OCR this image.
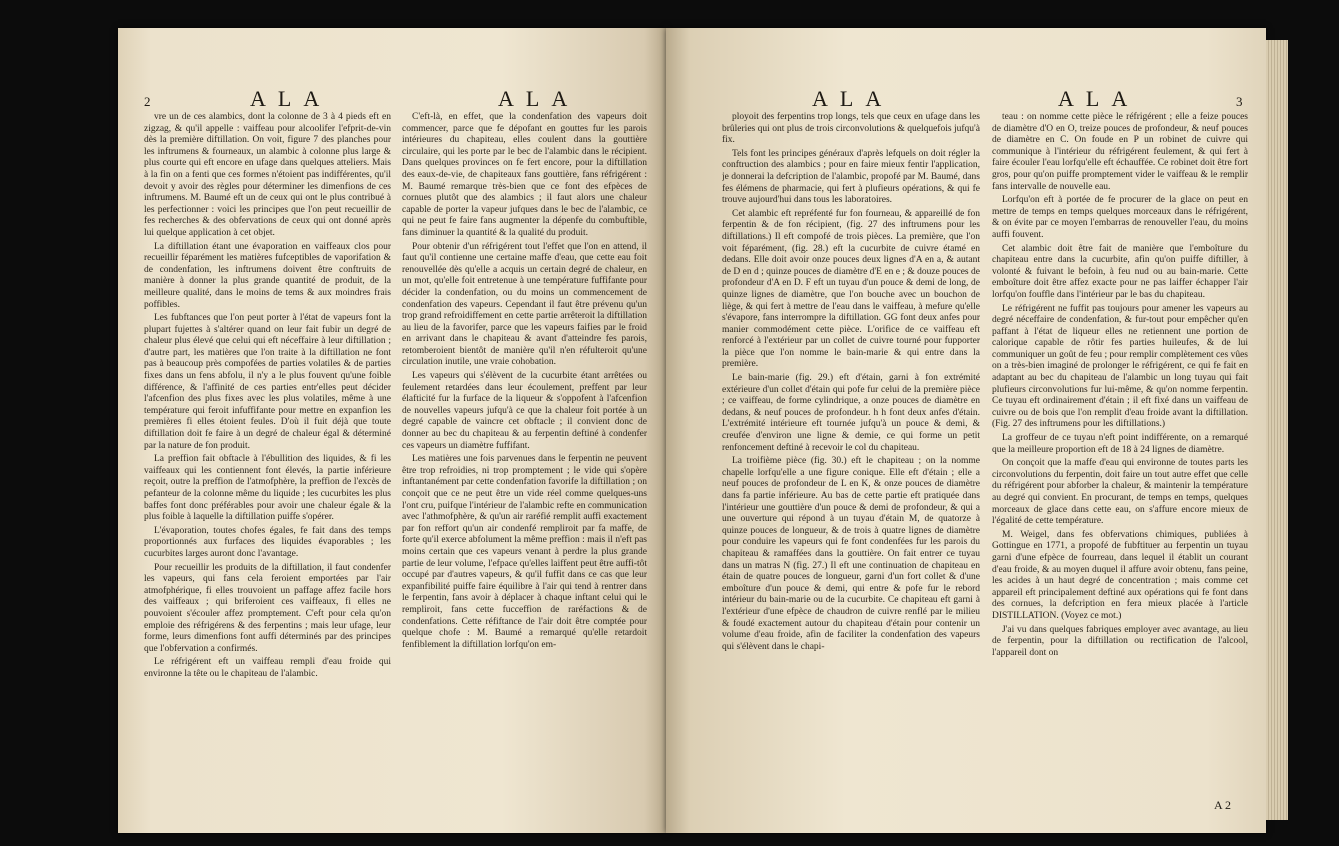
2	ALA	ALA

vre un de ces alambics, dont la colonne de 3 à 4 pieds eft en zigzag, & qu'il appelle : vaiffeau pour alcoolifer l'efprit-de-vin dès la première diftillation. On voit, figure 7 des planches pour les inftrumens & fourneaux, un alambic à colonne plus large & plus courte qui eft encore en ufage dans quelques atteliers. Mais à la fin on a fenti que ces formes n'étoient pas indifférentes, qu'il devoit y avoir des règles pour déterminer les dimenfions de ces inftrumens. M. Baumé eft un de ceux qui ont le plus contribué à les perfectionner : voici les principes que l'on peut recueillir de fes recherches & des obfervations de ceux qui ont donné après lui quelque application à cet objet.

La diftillation étant une évaporation en vaiffeaux clos pour recueillir féparément les matières fufceptibles de vaporifation & de condenfation, les inftrumens doivent être conftruits de manière à donner la plus grande quantité de produit, de la meilleure qualité, dans le moins de tems & aux moindres frais poffibles.

Les fubftances que l'on peut porter à l'état de vapeurs font la plupart fujettes à s'altérer quand on leur fait fubir un degré de chaleur plus élevé que celui qui eft néceffaire à leur diftillation ; d'autre part, les matières que l'on traite à la diftillation ne font pas à beaucoup près compofées de parties volatiles & de parties fixes dans un fens abfolu, il n'y a le plus fouvent qu'une foible différence, & l'affinité de ces parties entr'elles peut décider l'afcenfion des plus fixes avec les plus volatiles, même à une température qui feroit infuffifante pour mettre en expanfion les premières fi elles étoient feules. D'où il fuit déjà que toute diftillation doit fe faire à un degré de chaleur égal & déterminé par la nature de fon produit.

La preffion fait obftacle à l'ébullition des liquides, & fi les vaiffeaux qui les contiennent font élevés, la partie inférieure reçoit, outre la preffion de l'atmofphère, la preffion de l'excès de pefanteur de la colonne même du liquide ; les cucurbites les plus baffes font donc préférables pour avoir une chaleur égale & la plus foible à laquelle la diftillation puiffe s'opérer.

L'évaporation, toutes chofes égales, fe fait dans des temps proportionnés aux furfaces des liquides évaporables ; les cucurbites larges auront donc l'avantage.

Pour recueillir les produits de la diftillation, il faut condenfer les vapeurs, qui fans cela feroient emportées par l'air atmofphérique, fi elles trouvoient un paffage affez facile hors des vaiffeaux ; qui briferoient ces vaiffeaux, fi elles ne pouvoient s'écouler affez promptement. C'eft pour cela qu'on emploie des réfrigérens & des ferpentins ; mais leur ufage, leur forme, leurs dimenfions font auffi déterminés par des principes que l'obfervation a confirmés.

Le réfrigérent eft un vaiffeau rempli d'eau froide qui environne la tête ou le chapiteau de l'alambic.

C'eft-là, en effet, que la condenfation des vapeurs doit commencer, parce que fe dépofant en gouttes fur les parois intérieures du chapiteau, elles coulent dans la gouttière circulaire, qui les porte par le bec de l'alambic dans le récipient. Dans quelques provinces on fe fert encore, pour la diftillation des eaux-de-vie, de chapiteaux fans gouttière, fans réfrigérent : M. Baumé remarque très-bien que ce font des efpèces de cornues plutôt que des alambics ; il faut alors une chaleur capable de porter la vapeur jufques dans le bec de l'alambic, ce qui ne peut fe faire fans augmenter la dépenfe du combuftible, fans diminuer la quantité & la qualité du produit.

Pour obtenir d'un réfrigérent tout l'effet que l'on en attend, il faut qu'il contienne une certaine maffe d'eau, que cette eau foit renouvellée dès qu'elle a acquis un certain degré de chaleur, en un mot, qu'elle foit entretenue à une température fuffifante pour décider la condenfation, ou du moins un commencement de condenfation des vapeurs. Cependant il faut être prévenu qu'un trop grand refroidiffement en cette partie arrêteroit la diftillation au lieu de la favorifer, parce que les vapeurs faifies par le froid en arrivant dans le chapiteau & avant d'atteindre fes parois, retomberoient bientôt de manière qu'il n'en réfulteroit qu'une circulation inutile, une vraie cohobation.

Les vapeurs qui s'élèvent de la cucurbite étant arrêtées ou feulement retardées dans leur écoulement, preffent par leur élafticité fur la furface de la liqueur & s'oppofent à l'afcenfion de nouvelles vapeurs jufqu'à ce que la chaleur foit portée à un degré capable de vaincre cet obftacle ; il convient donc de donner au bec du chapiteau & au ferpentin deftiné à condenfer ces vapeurs un diamètre fuffifant.

Les matières une fois parvenues dans le ferpentin ne peuvent être trop refroidies, ni trop promptement ; le vide qui s'opère inftantanément par cette condenfation favorife la diftillation ; on conçoit que ce ne peut être un vide réel comme quelques-uns l'ont cru, puifque l'intérieur de l'alambic refte en communication avec l'athmofphère, & qu'un air raréfié remplit auffi exactement par fon reffort qu'un air condenfé rempliroit par fa maffe, de forte qu'il exerce abfolument la même preffion : mais il n'eft pas moins certain que ces vapeurs venant à perdre la plus grande partie de leur volume, l'efpace qu'elles laiffent peut être auffi-tôt occupé par d'autres vapeurs, & qu'il fuffit dans ce cas que leur expanfibilité puiffe faire équilibre à l'air qui tend à rentrer dans le ferpentin, fans avoir à déplacer à chaque inftant celui qui le rempliroit, fans cette fucceffion de raréfactions & de condenfations. Cette réfiftance de l'air doit être comptée pour quelque chofe : M. Baumé a remarqué qu'elle retardoit fenfiblement la diftillation lorfqu'on em-

ALA	ALA	3

ployoit des ferpentins trop longs, tels que ceux en ufage dans les brûleries qui ont plus de trois circonvolutions & quelquefois jufqu'à fix.

Tels font les principes généraux d'après lefquels on doit régler la conftruction des alambics ; pour en faire mieux fentir l'application, je donnerai la defcription de l'alambic, propofé par M. Baumé, dans fes élémens de pharmacie, qui fert à plufieurs opérations, & qui fe trouve aujourd'hui dans tous les laboratoires.

Cet alambic eft repréfenté fur fon fourneau, & appareillé de fon ferpentin & de fon récipient, (fig. 27 des inftrumens pour les diftillations.) Il eft compofé de trois pièces. La première, que l'on voit féparément, (fig. 28.) eft la cucurbite de cuivre étamé en dedans. Elle doit avoir onze pouces deux lignes d'A en a, & autant de D en d ; quinze pouces de diamètre d'E en e ; & douze pouces de profondeur d'A en D. F eft un tuyau d'un pouce & demi de long, de quinze lignes de diamètre, que l'on bouche avec un bouchon de liège, & qui fert à mettre de l'eau dans le vaiffeau, à mefure qu'elle s'évapore, fans interrompre la diftillation. GG font deux anfes pour manier commodément cette pièce. L'orifice de ce vaiffeau eft renforcé à l'extérieur par un collet de cuivre tourné pour fupporter la pièce que l'on nomme le bain-marie & qui entre dans la première.

Le bain-marie (fig. 29.) eft d'étain, garni à fon extrémité extérieure d'un collet d'étain qui pofe fur celui de la première pièce ; ce vaiffeau, de forme cylindrique, a onze pouces de diamètre en dedans, & neuf pouces de profondeur. h h font deux anfes d'étain. L'extrémité intérieure eft tournée jufqu'à un pouce & demi, & creufée d'environ une ligne & demie, ce qui forme un petit renfoncement deftiné à recevoir le col du chapiteau.

La troifième pièce (fig. 30.) eft le chapiteau ; on la nomme chapelle lorfqu'elle a une figure conique. Elle eft d'étain ; elle a neuf pouces de profondeur de L en K, & onze pouces de diamètre dans fa partie inférieure. Au bas de cette partie eft pratiquée dans l'intérieur une gouttière d'un pouce & demi de profondeur, & qui a une ouverture qui répond à un tuyau d'étain M, de quatorze à quinze pouces de longueur, & de trois à quatre lignes de diamètre pour conduire les vapeurs qui fe font condenfées fur les parois du chapiteau & ramaffées dans la gouttière. On fait entrer ce tuyau dans un matras N (fig. 27.) Il eft une continuation de chapiteau en étain de quatre pouces de longueur, garni d'un fort collet & d'une emboîture d'un pouce & demi, qui entre & pofe fur le rebord intérieur du bain-marie ou de la cucurbite. Ce chapiteau eft garni à l'extérieur d'une efpèce de chaudron de cuivre renflé par le milieu & foudé exactement autour du chapiteau d'étain pour contenir un volume d'eau froide, afin de faciliter la condenfation des vapeurs qui s'élèvent dans le chapi-

teau : on nomme cette pièce le réfrigérent ; elle a feize pouces de diamètre d'O en O, treize pouces de profondeur, & neuf pouces de diamètre en C. On foude en P un robinet de cuivre qui communique à l'intérieur du réfrigérent feulement, & qui fert à faire écouler l'eau lorfqu'elle eft échauffée. Ce robinet doit être fort gros, pour qu'on puiffe promptement vider le vaiffeau & le remplir fans intervalle de nouvelle eau.

Lorfqu'on eft à portée de fe procurer de la glace on peut en mettre de temps en temps quelques morceaux dans le réfrigérent, & on évite par ce moyen l'embarras de renouveller l'eau, du moins auffi fouvent.

Cet alambic doit être fait de manière que l'emboîture du chapiteau entre dans la cucurbite, afin qu'on puiffe diftiller, à volonté & fuivant le befoin, à feu nud ou au bain-marie. Cette emboîture doit être affez exacte pour ne pas laiffer échapper l'air lorfqu'on fouffle dans l'intérieur par le bas du chapiteau.

Le réfrigérent ne fuffit pas toujours pour amener les vapeurs au degré néceffaire de condenfation, & fur-tout pour empêcher qu'en paffant à l'état de liqueur elles ne retiennent une portion de calorique capable de rôtir fes parties huileufes, & de lui communiquer un goût de feu ; pour remplir complètement ces vûes on a très-bien imaginé de prolonger le réfrigérent, ce qui fe fait en adaptant au bec du chapiteau de l'alambic un long tuyau qui fait plufieurs circonvolutions fur lui-même, & qu'on nomme ferpentin. Ce tuyau eft ordinairement d'étain ; il eft fixé dans un vaiffeau de cuivre ou de bois que l'on remplit d'eau froide avant la diftillation. (Fig. 27 des inftrumens pour les diftillations.)

La groffeur de ce tuyau n'eft point indifférente, on a remarqué que la meilleure proportion eft de 18 à 24 lignes de diamètre.

On conçoit que la maffe d'eau qui environne de toutes parts les circonvolutions du ferpentin, doit faire un tout autre effet que celle du réfrigérent pour abforber la chaleur, & maintenir la température au degré qui convient. En procurant, de temps en temps, quelques morceaux de glace dans cette eau, on s'affure encore mieux de l'égalité de cette température.

M. Weigel, dans fes obfervations chimiques, publiées à Gottingue en 1771, a propofé de fubftituer au ferpentin un tuyau garni d'une efpèce de fourreau, dans lequel il établit un courant d'eau froide, & au moyen duquel il affure avoir obtenu, fans peine, les acides à un haut degré de concentration ; mais comme cet appareil eft principalement deftiné aux opérations qui fe font dans des cornues, la defcription en fera mieux placée à l'article DISTILLATION. (Voyez ce mot.)

J'ai vu dans quelques fabriques employer avec avantage, au lieu de ferpentin, pour la diftillation ou rectification de l'alcool, l'appareil dont on

A 2
